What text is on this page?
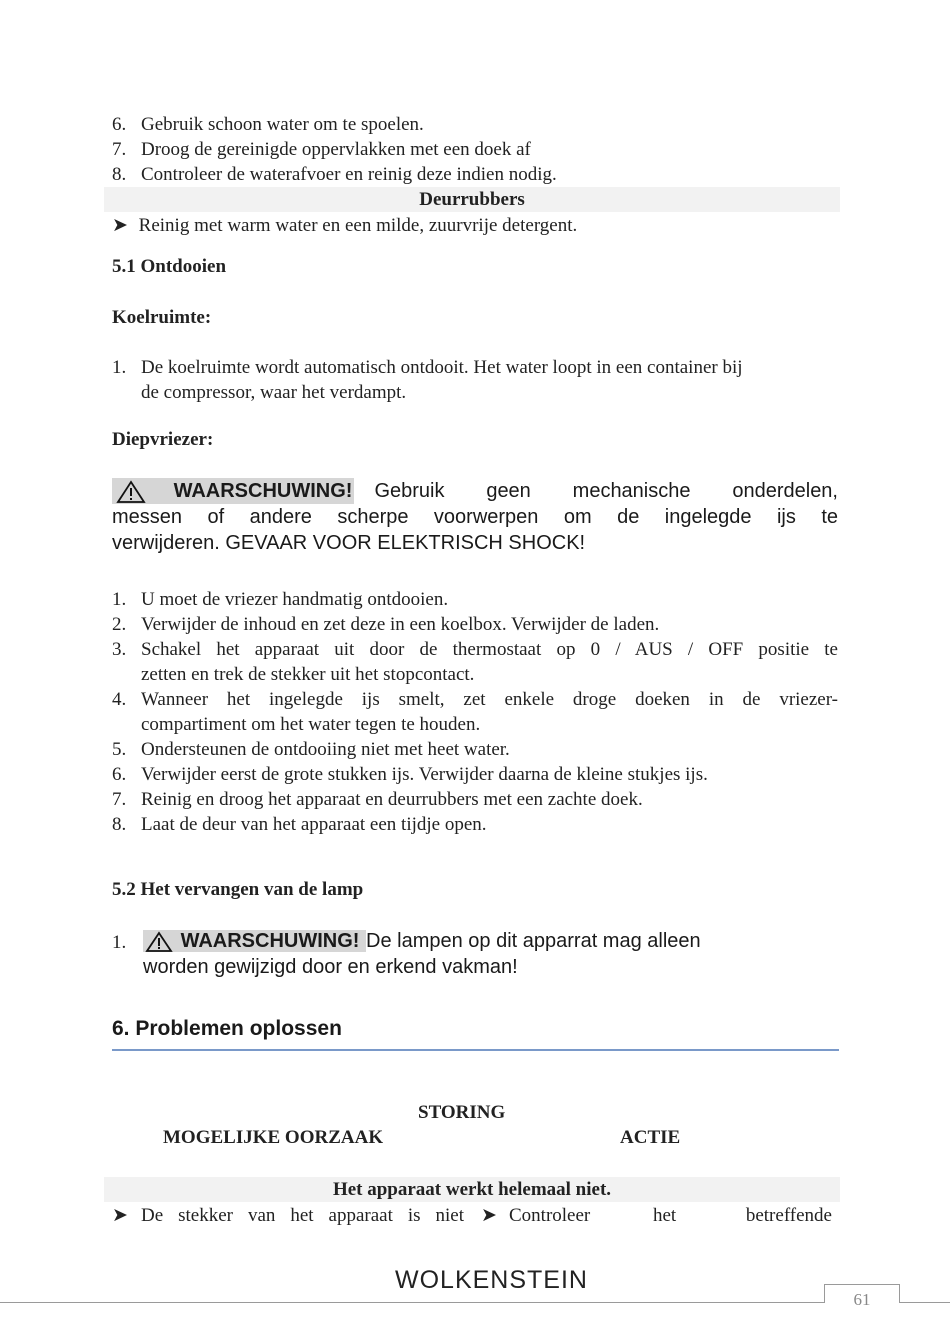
6. Gebruik schoon water om te spoelen.
7. Droog de gereinigde oppervlakken met een doek af
8. Controleer de waterafvoer en reinig deze indien nodig.
Deurrubbers
➤ Reinig met warm water en een milde, zuurvrije detergent.
5.1 Ontdooien
Koelruimte:
1. De koelruimte wordt automatisch ontdooit. Het water loopt in een container bij
de compressor, waar het verdampt.
Diepvriezer:
WAARSCHUWING! Gebruik geen mechanische onderdelen,
messen of andere scherpe voorwerpen om de ingelegde ijs te
verwijderen. GEVAAR VOOR ELEKTRISCH SHOCK!
1. U moet de vriezer handmatig ontdooien.
2. Verwijder de inhoud en zet deze in een koelbox. Verwijder de laden.
3. Schakel het apparaat uit door de thermostaat op 0 / AUS / OFF positie te
zetten en trek de stekker uit het stopcontact.
4. Wanneer het ingelegde ijs smelt, zet enkele droge doeken in de vriezer-
compartiment om het water tegen te houden.
5. Ondersteunen de ontdooiing niet met heet water.
6. Verwijder eerst de grote stukken ijs. Verwijder daarna de kleine stukjes ijs.
7. Reinig en droog het apparaat en deurrubbers met een zachte doek.
8. Laat de deur van het apparaat een tijdje open.
5.2 Het vervangen van de lamp
1.	WAARSCHUWING! De lampen op dit apparrat mag alleen
worden gewijzigd door en erkend vakman!
6. Problemen oplossen
STORING
MOGELIJKE OORZAAK	ACTIE
Het apparaat werkt helemaal niet.
➤ De stekker van het apparaat is niet ➤ Controleer	het	betreffende
WOLKENSTEIN
61
